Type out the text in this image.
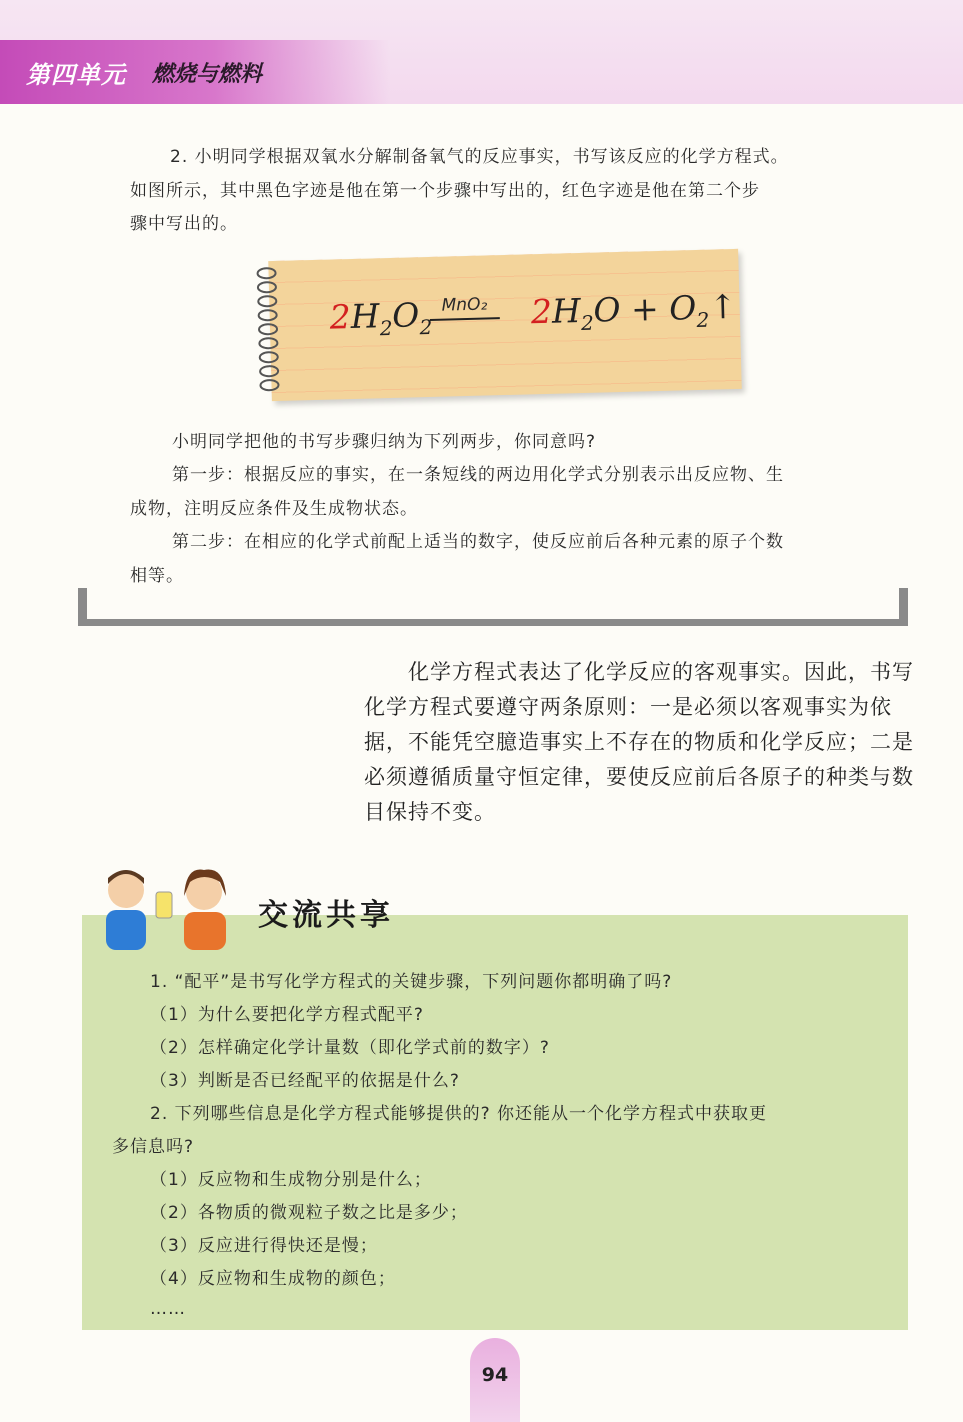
第四单元 燃烧与燃料

2. 小明同学根据双氧水分解制备氧气的反应事实，书写该反应的化学方程式。

如图所示，其中黑色字迹是他在第一个步骤中写出的，红色字迹是他在第二个步

骤中写出的。

$2H_2O_2$	$2H_2O$ + $O_2↑$
MnO₂

小明同学把他的书写步骤归纳为下列两步，你同意吗?

第一步：根据反应的事实，在一条短线的两边用化学式分别表示出反应物、生

成物，注明反应条件及生成物状态。

第二步：在相应的化学式前配上适当的数字，使反应前后各种元素的原子个数

相等。

化学方程式表达了化学反应的客观事实。因此，书写化学方程式要遵守两条原则：一是必须以客观事实为依据，不能凭空臆造事实上不存在的物质和化学反应；二是必须遵循质量守恒定律，要使反应前后各原子的种类与数目保持不变。

交流共享

1. “配平”是书写化学方程式的关键步骤，下列问题你都明确了吗?

（1）为什么要把化学方程式配平?

（2）怎样确定化学计量数（即化学式前的数字）?

（3）判断是否已经配平的依据是什么?

2. 下列哪些信息是化学方程式能够提供的? 你还能从一个化学方程式中获取更

多信息吗?

（1）反应物和生成物分别是什么；

（2）各物质的微观粒子数之比是多少；

（3）反应进行得快还是慢；

（4）反应物和生成物的颜色；

……

94
